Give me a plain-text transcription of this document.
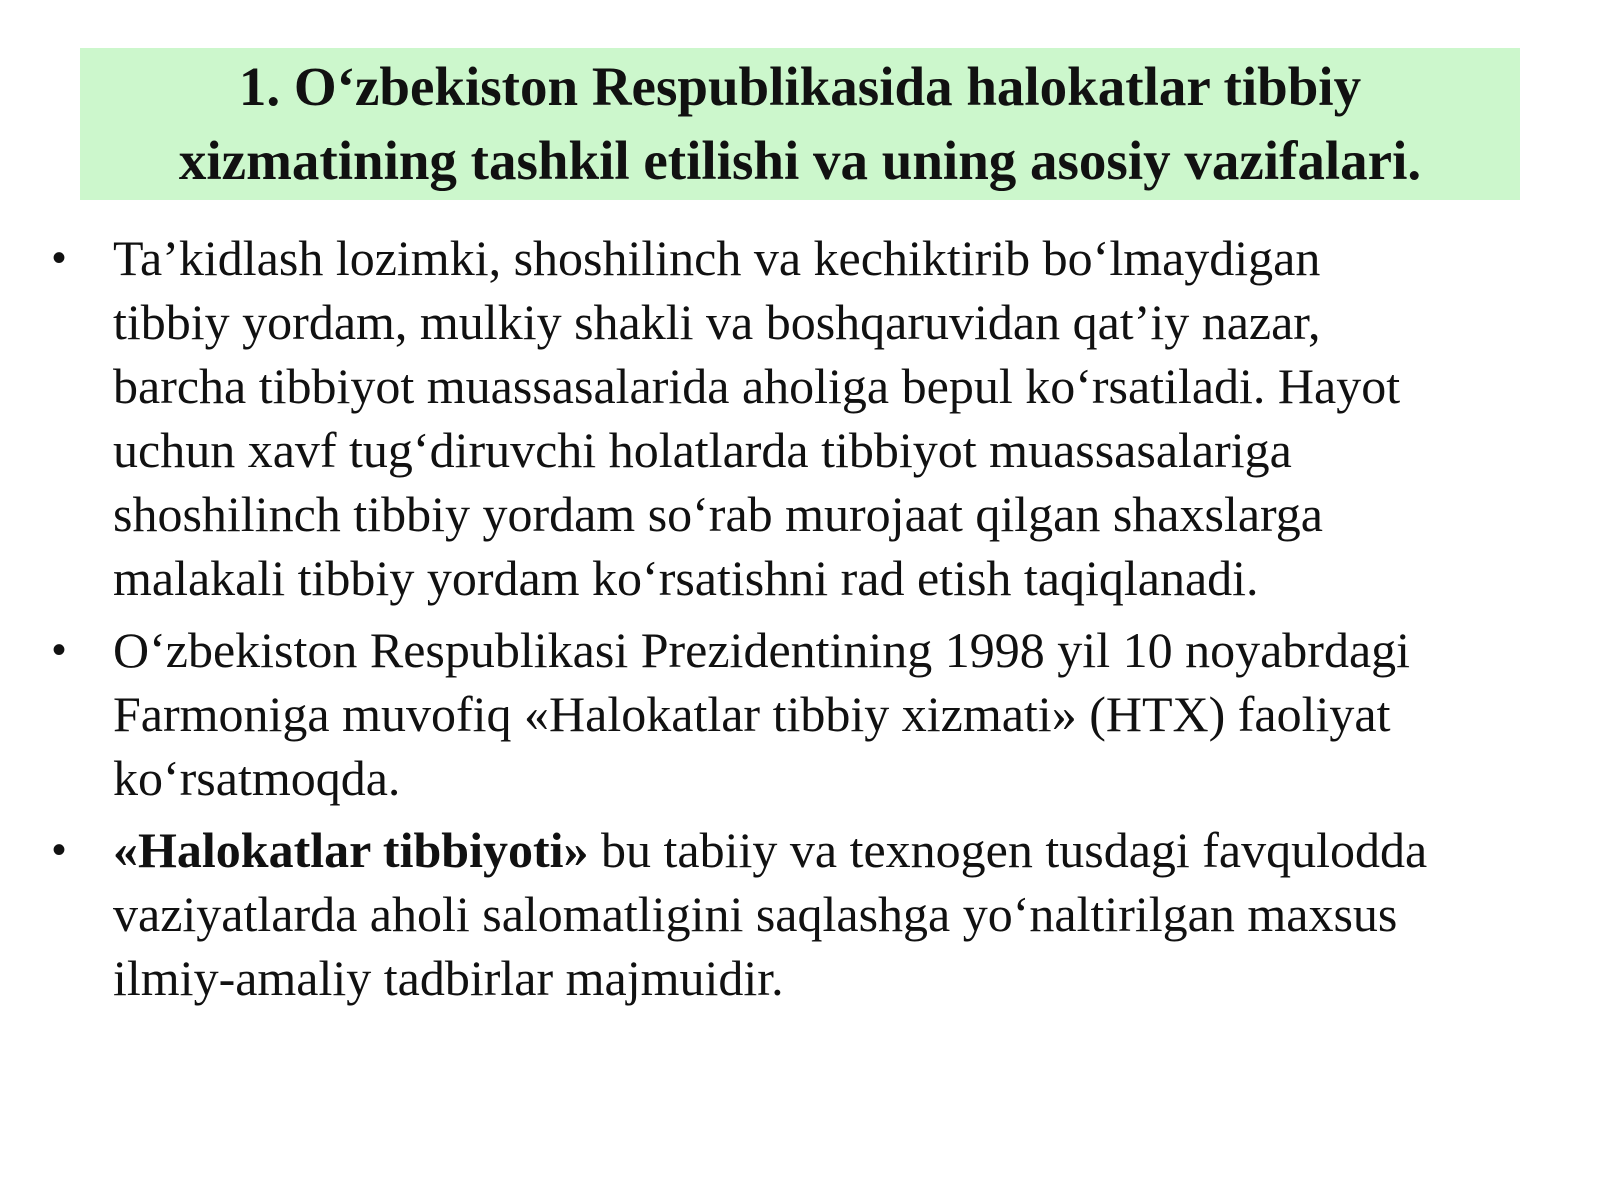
1. O‘zbekiston Respublikasida halokatlar tibbiy
xizmatining tashkil etilishi va uning asosiy vazifalari.
• Ta’kidlash lozimki, shoshilinch va kechiktirib bo‘lmaydigan
tibbiy yordam, mulkiy shakli va boshqaruvidan qat’iy nazar,
barcha tibbiyot muassasalarida aholiga bepul ko‘rsatiladi. Hayot
uchun xavf tug‘diruvchi holatlarda tibbiyot muassasalariga
shoshilinch tibbiy yordam so‘rab murojaat qilgan shaxslarga
malakali tibbiy yordam ko‘rsatishni rad etish taqiqlanadi.
• O‘zbekiston Respublikasi Prezidentining 1998 yil 10 noyabrdagi
Farmoniga muvofiq «Halokatlar tibbiy xizmati» (HTX) faoliyat
ko‘rsatmoqda.
• «Halokatlar tibbiyoti» bu tabiiy va texnogen tusdagi favqulodda
vaziyatlarda aholi salomatligini saqlashga yo‘naltirilgan maxsus
ilmiy-amaliy tadbirlar majmuidir.
